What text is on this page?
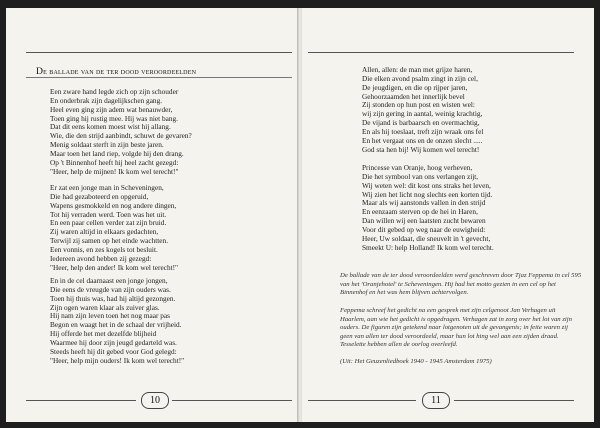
De ballade van de ter dood veroordeelden
Een zware hand legde zich op zijn schouder
En onderbrak zijn dagelijkschen gang.
Heel even ging zijn adem wat benauwder,
Toen ging hij rustig mee. Hij was niet bang.
Dat dit eens komen moest wist hij allang.
Wie, die den strijd aanbindt, schuwt de gevaren?
Menig soldaat sterft in zijn beste jaren.
Maar toen het land riep, volgde hij den drang.
Op 't Binnenhof heeft hij heel zacht gezegd:
"Heer, help de mijnen! Ik kom wel terecht!"
Er zat een jonge man in Scheveningen,
Die had gezaboteerd en opgeruid,
Wapens gesmokkeld en nog andere dingen,
Tot hij verraden werd. Toen was het uit.
En een paar cellen verder zat zijn bruid.
Zij waren altijd in elkaars gedachten,
Terwijl zij samen op het einde wachtten.
Een vonnis, en zes kogels tot besluit.
Iedereen avond hebben zij gezegd:
"Heer, help den ander! Ik kom wel terecht!"
En in de cel daarnaast een jonge jongen,
Die eens de vreugde van zijn ouders was.
Toen hij thuis was, had hij altijd gezongen.
Zijn ogen waren klaar als zuiver glas.
Hij nam zijn leven toen het nog maar pas
Begon en waagt het in de schaal der vrijheid.
Hij offerde het met dezelfde blijheid
Waarmee hij door zijn jeugd gedarteld was.
Steeds heeft hij dit gebed voor God gelegd:
"Heer, help mijn ouders! Ik kom wel terecht!"
10
Allen, allen: de man met grijze haren,
Die elken avond psalm zingt in zijn cel,
De jeugdigen, en die op rijper jaren,
Gehoorzaamden het innerlijk bevel
Zij stonden op hun post en wisten wel:
wij zijn gering in aantal, weinig krachtig,
De vijand is barbaarsch en overmachtig,
En als hij toeslaat, treft zijn wraak ons fel
En het vergaat ons en de onzen slecht .....
God sta hen bij! Wij komen wel terecht!
Princesse van Oranje, hoog verheven,
Die het symbool van ons verlangen zijt,
Wij weten wel: dit kost ons straks het leven,
Wij zien het licht nog slechts een korten tijd.
Maar als wij aanstonds vallen in den strijd
En eenzaam sterven op de hei in Haren,
Dan willen wij een laatsten zucht bewaren
Voor dit gebed op weg naar de euwigheid:
Heer, Uw soldaat, die sneuvelt in 't gevecht,
Smeekt U: help Holland! Ik kom wel terecht.
De ballade van de ter dood veroordeelden werd geschreven door Tjaz Feppema in cel 595
van het 'Oranjehotel' te Scheveningen. Hij had het motto gezien in een cel op het
Binnenhof en het was hem blijven achtervolgen.
Feppema schreef het gedicht na een gesprek met zijn celgenoot Jan Verhagen uit
Haarlem, aan wie het gedicht is opgedragen. Verhagen zat in zorg over het lot van zijn
ouders. De figuren zijn getekend naar lotgenoten uit de gevangenis; in feite waren zij
geen van allen ter dood veroordeeld, maar hun lot hing wel aan een zijden draad.
Tesselette hebben allen de oorlog overleefd.
(Uit: Het Geuzenliedboek 1940 - 1945 Amsterdam 1975)
11
